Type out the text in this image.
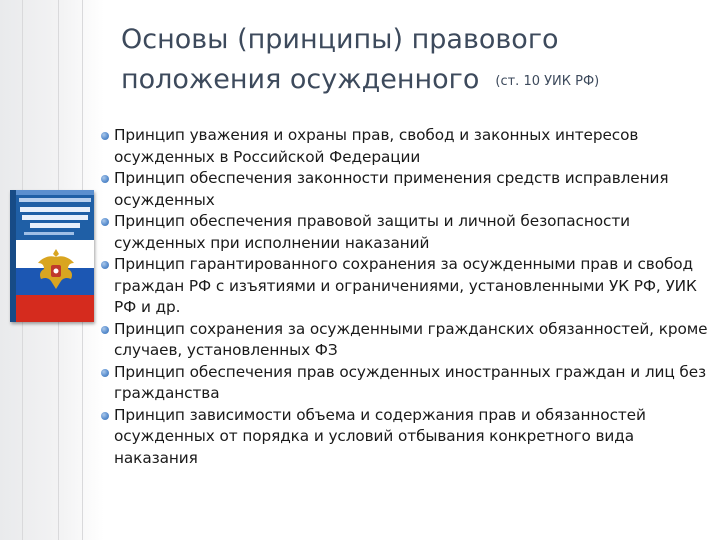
Основы (принципы) правового
положения осужденного (ст. 10 УИК РФ)
Принцип уважения и охраны прав, свобод и законных интересов осужденных в Российской Федерации
Принцип обеспечения законности применения средств исправления осужденных
Принцип обеспечения правовой защиты и личной безопасности сужденных при исполнении наказаний
Принцип гарантированного сохранения за осужденными прав и свобод граждан РФ с изъятиями и ограничениями, установленными УК РФ, УИК РФ и др.
Принцип сохранения за осужденными гражданских обязанностей, кроме случаев, установленных ФЗ
Принцип обеспечения прав осужденных иностранных граждан и лиц без гражданства
Принцип зависимости объема и содержания прав и обязанностей осужденных от порядка и условий отбывания конкретного вида наказания
